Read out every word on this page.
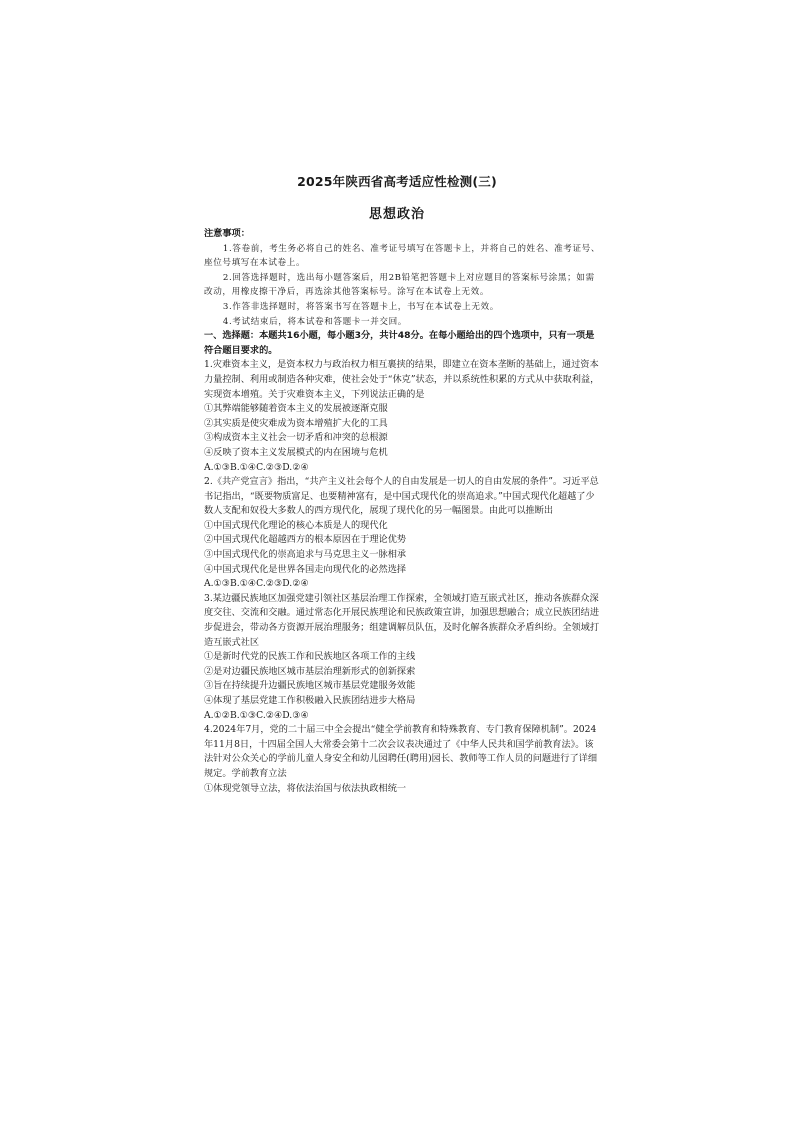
2025年陕西省高考适应性检测(三)
思想政治

注意事项：

1.答卷前，考生务必将自己的姓名、准考证号填写在答题卡上，并将自己的姓名、准考证号、座位号填写在本试卷上。

2.回答选择题时，选出每小题答案后，用2B铅笔把答题卡上对应题目的答案标号涂黑；如需改动，用橡皮擦干净后，再选涂其他答案标号。涂写在本试卷上无效。

3.作答非选择题时，将答案书写在答题卡上，书写在本试卷上无效。

4.考试结束后，将本试卷和答题卡一并交回。

一、选择题：本题共16小题，每小题3分，共计48分。在每小题给出的四个选项中，只有一项是符合题目要求的。

1.灾难资本主义，是资本权力与政治权力相互裹挟的结果，即建立在资本垄断的基础上，通过资本力量控制、利用或制造各种灾难，使社会处于“休克”状态，并以系统性积累的方式从中获取利益，实现资本增殖。关于灾难资本主义，下列说法正确的是

①其弊端能够随着资本主义的发展被逐渐克服

②其实质是使灾难成为资本增殖扩大化的工具

③构成资本主义社会一切矛盾和冲突的总根源

④反映了资本主义发展模式的内在困境与危机

A.①③B.①④C.②③D.②④

2.《共产党宣言》指出，“共产主义社会每个人的自由发展是一切人的自由发展的条件”。习近平总书记指出，“既要物质富足、也要精神富有，是中国式现代化的崇高追求。”中国式现代化超越了少数人支配和奴役大多数人的西方现代化，展现了现代化的另一幅图景。由此可以推断出

①中国式现代化理论的核心本质是人的现代化

②中国式现代化超越西方的根本原因在于理论优势

③中国式现代化的崇高追求与马克思主义一脉相承

④中国式现代化是世界各国走向现代化的必然选择

A.①③B.①④C.②③D.②④

3.某边疆民族地区加强党建引领社区基层治理工作探索，全领域打造互嵌式社区，推动各族群众深度交往、交流和交融。通过常态化开展民族理论和民族政策宣讲，加强思想融合；成立民族团结进步促进会，带动各方资源开展治理服务；组建调解员队伍，及时化解各族群众矛盾纠纷。全领域打造互嵌式社区

①是新时代党的民族工作和民族地区各项工作的主线

②是对边疆民族地区城市基层治理新形式的创新探索

③旨在持续提升边疆民族地区城市基层党建服务效能

④体现了基层党建工作积极融入民族团结进步大格局

A.①②B.①③C.②④D.③④

4.2024年7月，党的二十届三中全会提出“健全学前教育和特殊教育、专门教育保障机制”。2024年11月8日，十四届全国人大常委会第十二次会议表决通过了《中华人民共和国学前教育法》。该法针对公众关心的学前儿童人身安全和幼儿园聘任(聘用)园长、教师等工作人员的问题进行了详细规定。学前教育立法

①体现党领导立法，将依法治国与依法执政相统一
